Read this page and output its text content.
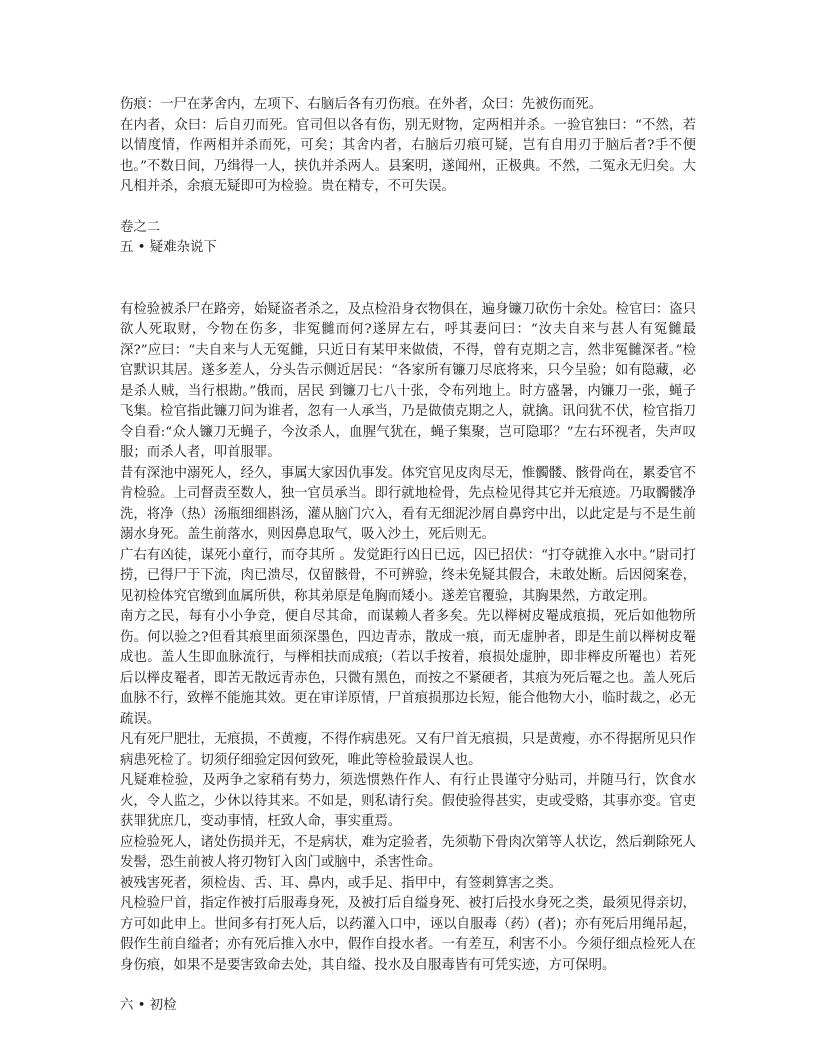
伤痕：一尸在茅舍内，左项下、右脑后各有刃伤痕。在外者，众曰：先被伤而死。

在内者，众曰：后自刃而死。官司但以各有伤，别无财物，定两相并杀。一验官独曰：“不然，若以情度情，作两相并杀而死，可矣；其舍内者，右脑后刃痕可疑，岂有自用刃于脑后者?手不便也。”不数日间，乃缉得一人，挟仇并杀两人。县案明，遂闻州，正极典。不然，二冤永无归矣。大凡相并杀，余痕无疑即可为检验。贵在精专，不可失误。

卷之二

五 • 疑难杂说下

有检验被杀尸在路旁，始疑盗者杀之，及点检沿身衣物俱在，遍身镰刀砍伤十余处。检官曰：盗只欲人死取财，今物在伤多，非冤雠而何?遂屏左右，呼其妻问曰：“汝夫自来与甚人有冤雠最深?”应曰：“夫自来与人无冤雠，只近日有某甲来做债，不得，曾有克期之言，然非冤雠深者。”检官默识其居。遂多差人，分头告示侧近居民：“各家所有镰刀尽底将来，只今呈验；如有隐藏，必是杀人贼，当行根勘。”俄而，居民 到镰刀七八十张，令布列地上。时方盛暑，内镰刀一张，蝇子飞集。检官指此镰刀问为谁者，忽有一人承当，乃是做债克期之人，就擒。讯问犹不伏，检官指刀令自看:“众人镰刀无蝇子，今汝杀人，血腥气犹在，蝇子集聚，岂可隐耶？”左右环视者，失声叹服；而杀人者，叩首服罪。

昔有深池中溺死人，经久，事属大家因仇事发。体究官见皮肉尽无，惟髑髅、骸骨尚在，累委官不肯检验。上司督责至数人，独一官员承当。即行就地检骨，先点检见得其它并无痕迹。乃取髑髅净洗，将净（热）汤瓶细细斟汤，灌从脑门穴入，看有无细泥沙屑自鼻窍中出，以此定是与不是生前溺水身死。盖生前落水，则因鼻息取气，吸入沙土，死后则无。

广右有凶徒，谋死小童行，而夺其所 。发觉距行凶日已远，囚已招伏：“打夺就推入水中。”尉司打捞，已得尸于下流，肉已溃尽，仅留骸骨，不可辨验，终未免疑其假合，未敢处断。后因阅案卷，见初检体究官缴到血属所供，称其弟原是龟胸而矮小。遂差官覆验，其胸果然，方敢定刑。

南方之民，每有小小争竞，便自尽其命，而谋赖人者多矣。先以榉树皮罨成痕损，死后如他物所伤。何以验之?但看其痕里面须深墨色，四边青赤，散成一痕，而无虚肿者，即是生前以榉树皮罨成也。盖人生即血脉流行，与榉相扶而成痕;（若以手按着，痕损处虚肿，即非榉皮所罨也）若死后以榉皮罨者，即苦无散远青赤色，只微有黑色，而按之不紧硬者，其痕为死后罨之也。盖人死后血脉不行，致榉不能施其效。更在审详原情，尸首痕损那边长短，能合他物大小，临时裁之，必无疏误。

凡有死尸肥壮，无痕损，不黄瘦，不得作病患死。又有尸首无痕损，只是黄瘦，亦不得据所见只作病患死检了。切须仔细验定因何致死，唯此等检验最误人也。

凡疑难检验，及两争之家稍有势力，须选惯熟仵作人、有行止畏谨守分贴司，并随马行，饮食水火，令人监之，少休以待其来。不如是，则私请行矣。假使验得甚实，吏或受赂，其事亦变。官吏获罪犹庶几，变动事情，枉致人命，事实重焉。

应检验死人，诸处伤损并无，不是病状，难为定验者，先须勒下骨肉次第等人状讫，然后剃除死人发髻，恐生前被人将刃物钉入囟门或脑中，杀害性命。

被残害死者，须检齿、舌、耳、鼻内，或手足、指甲中，有签刺算害之类。

凡检验尸首，指定作被打后服毒身死，及被打后自缢身死、被打后投水身死之类，最须见得亲切，方可如此申上。世间多有打死人后，以药灌入口中，诬以自服毒（药）(者)；亦有死后用绳吊起，假作生前自缢者；亦有死后推入水中，假作自投水者。一有差互，利害不小。今须仔细点检死人在身伤痕，如果不是要害致命去处，其自缢、投水及自服毒皆有可凭实迹，方可保明。

六 • 初检
